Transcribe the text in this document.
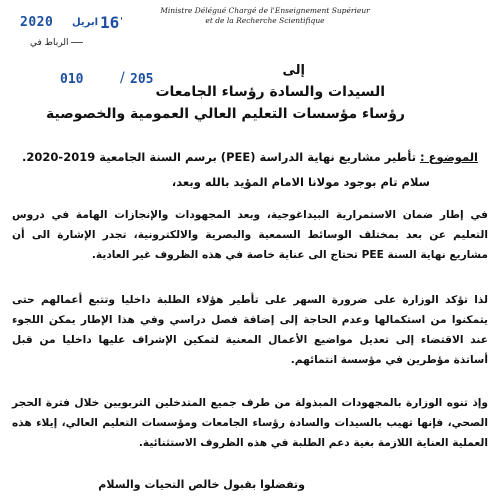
Ministre Délégué Chargé de l'Enseignement Supérieur
et de la Recherche Scientifique
2020 ابريل 16 '
الرباط في
010	/ 205
إلى
السيدات والسادة رؤساء الجامعات
رؤساء مؤسسات التعليم العالي العمومية والخصوصية
الموضوع : تأطير مشاريع نهاية الدراسة (PEE) برسم السنة الجامعية 2019-2020.
سلام تام بوجود مولانا الامام المؤيد بالله وبعد،
في إطار ضمان الاستمرارية البيداغوجية، وبعد المجهودات والإنجازات الهامة في دروس التعليم عن بعد بمختلف الوسائط السمعية والبصرية والالكترونية، تجدر الإشارة الى أن مشاريع نهاية السنة PEE تحتاج الى عناية خاصة في هذه الظروف غير العادية.
لذا تؤكد الوزارة على ضرورة السهر على تأطير هؤلاء الطلبة داخليا وتتبع أعمالهم حتى يتمكنوا من استكمالها وعدم الحاجة إلى إضافة فصل دراسي وفي هذا الإطار يمكن اللجوء عند الاقتضاء إلى تعديل مواضيع الأعمال المعنية لتمكين الإشراف عليها داخليا من قبل أساتذة مؤطرين في مؤسسة انتمائهم.
وإذ تنوه الوزارة بالمجهودات المبذولة من طرف جميع المتدخلين التربويين خلال فترة الحجر الصحي، فإنها تهيب بالسيدات والسادة رؤساء الجامعات ومؤسسات التعليم العالي، إيلاء هذه العملية العناية اللازمة بغية دعم الطلبة في هذه الظروف الاستثنائية.
وتفضلوا بقبول خالص التحيات والسلام
